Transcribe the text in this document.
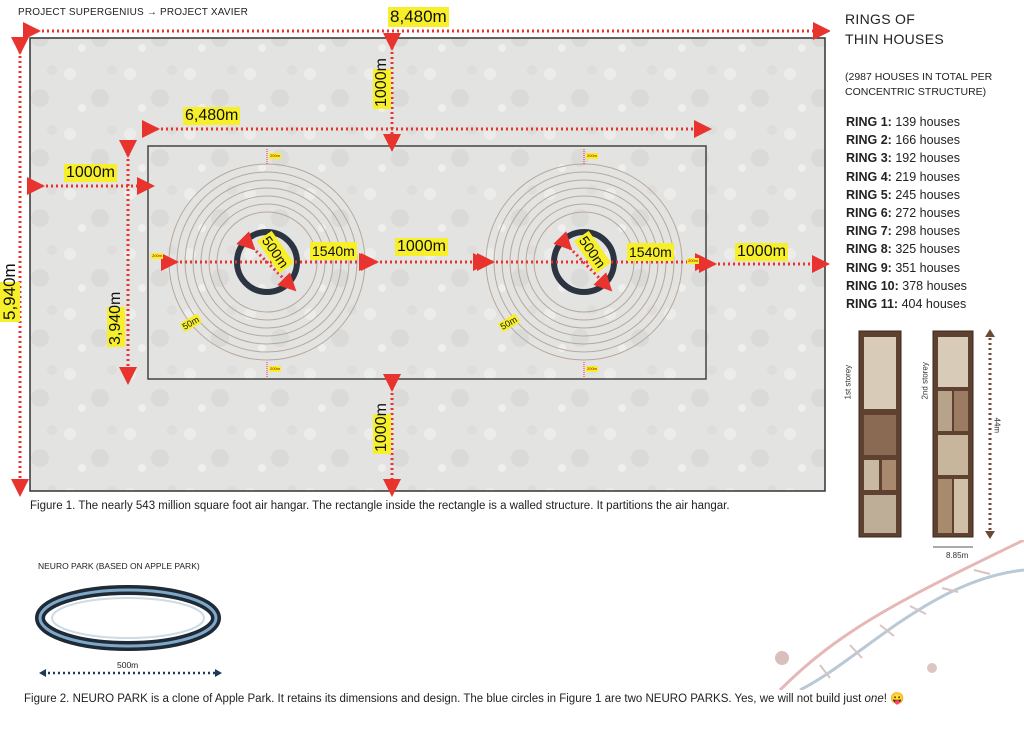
PROJECT SUPERGENIUS → PROJECT XAVIER	8,480m
5,940m
1000m
1000m
6,480m
3,940m
1000m
1000m
1000m
500m 1540m
50m
200m
200m
200m	500m 1540m
50m
200m
200m
200m
Figure 1. The nearly 543 million square foot air hangar. The rectangle inside the rectangle is a walled structure. It partitions the air hangar.
RINGS OF
THIN HOUSES
(2987 HOUSES IN TOTAL PER
CONCENTRIC STRUCTURE)
RING 1: 139 houses
RING 2: 166 houses
RING 3: 192 houses
RING 4: 219 houses
RING 5: 245 houses
RING 6: 272 houses
RING 7: 298 houses
RING 8: 325 houses
RING 9: 351 houses
RING 10: 378 houses
RING 11: 404 houses
1st storey	2nd storey
44m
8.85m
NEURO PARK (BASED ON APPLE PARK)
500m
Figure 2. NEURO PARK is a clone of Apple Park. It retains its dimensions and design. The blue circles in Figure 1 are two NEURO PARKS. Yes, we will not build just one! 😛
